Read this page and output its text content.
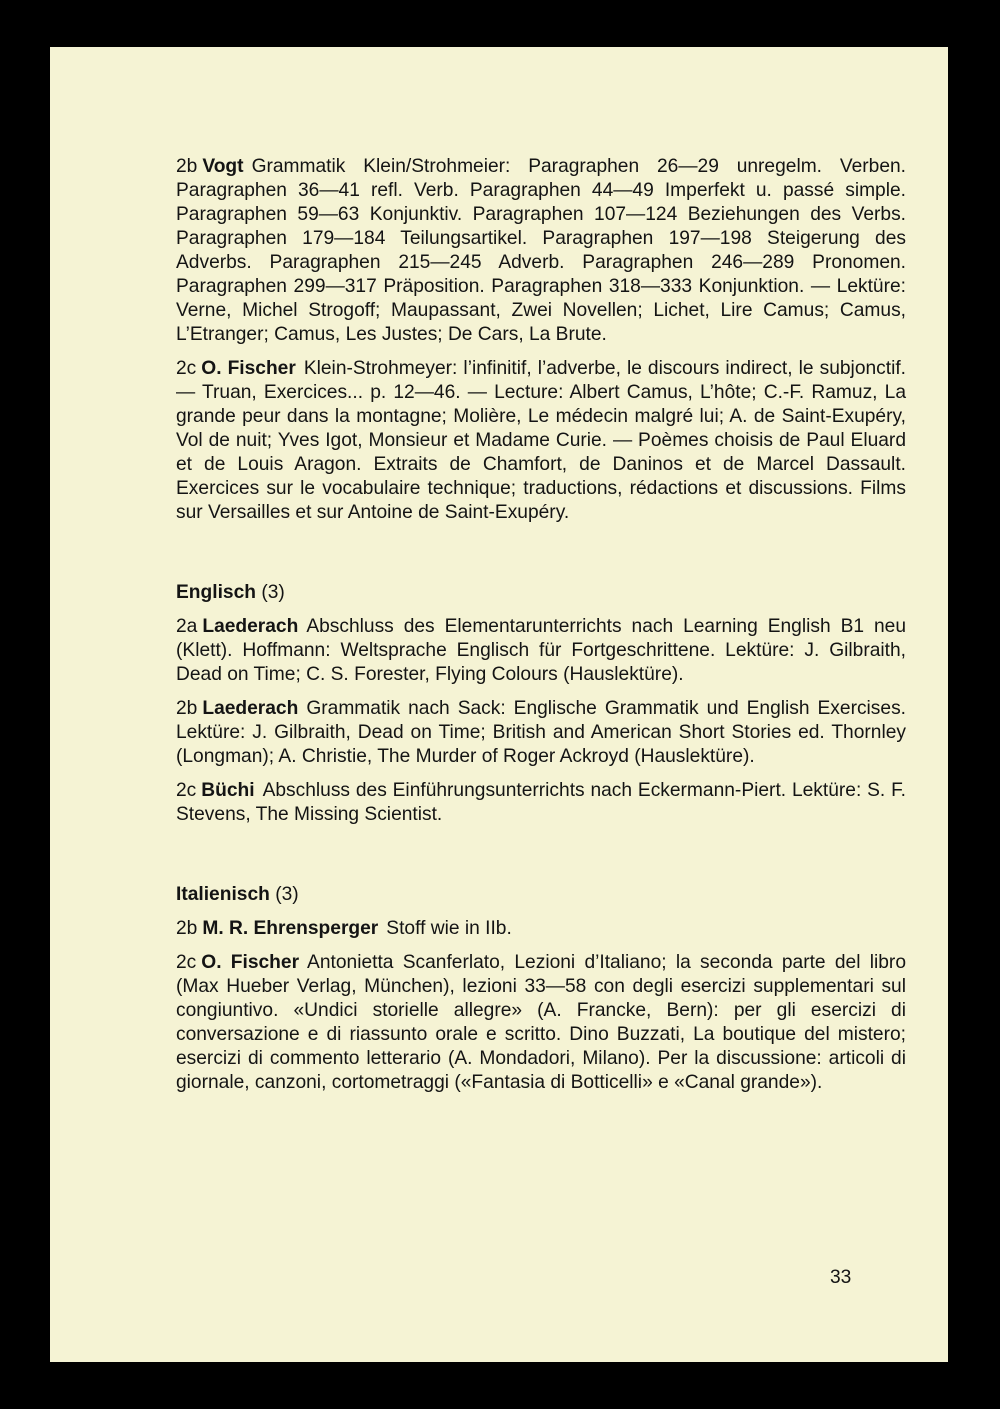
2b Vogt Grammatik Klein/Strohmeier: Paragraphen 26—29 unregelm. Verben. Paragraphen 36—41 refl. Verb. Paragraphen 44—49 Imperfekt u. passé simple. Paragraphen 59—63 Konjunktiv. Paragraphen 107—124 Beziehungen des Verbs. Paragraphen 179—184 Teilungsartikel. Paragraphen 197—198 Steigerung des Adverbs. Paragraphen 215—245 Adverb. Paragraphen 246—289 Pronomen. Paragraphen 299—317 Präposition. Paragraphen 318—333 Konjunktion. — Lektüre: Verne, Michel Strogoff; Maupassant, Zwei Novellen; Lichet, Lire Camus; Camus, L’Etranger; Camus, Les Justes; De Cars, La Brute.

2c O. Fischer Klein-Strohmeyer: l’infinitif, l’adverbe, le discours indirect, le subjonctif. — Truan, Exercices... p. 12—46. — Lecture: Albert Camus, L’hôte; C.-F. Ramuz, La grande peur dans la montagne; Molière, Le médecin malgré lui; A. de Saint-Exupéry, Vol de nuit; Yves Igot, Monsieur et Madame Curie. — Poèmes choisis de Paul Eluard et de Louis Aragon. Extraits de Chamfort, de Daninos et de Marcel Dassault. Exercices sur le vocabulaire technique; traductions, rédactions et discussions. Films sur Versailles et sur Antoine de Saint-Exupéry.

Englisch (3)

2a Laederach Abschluss des Elementarunterrichts nach Learning English B1 neu (Klett). Hoffmann: Weltsprache Englisch für Fortgeschrittene. Lektüre: J. Gilbraith, Dead on Time; C. S. Forester, Flying Colours (Hauslektüre).

2b Laederach Grammatik nach Sack: Englische Grammatik und English Exercises. Lektüre: J. Gilbraith, Dead on Time; British and American Short Stories ed. Thornley (Longman); A. Christie, The Murder of Roger Ackroyd (Hauslektüre).

2c Büchi Abschluss des Einführungsunterrichts nach Eckermann-Piert. Lektüre: S. F. Stevens, The Missing Scientist.

Italienisch (3)

2b M. R. Ehrensperger Stoff wie in IIb.

2c O. Fischer Antonietta Scanferlato, Lezioni d’Italiano; la seconda parte del libro (Max Hueber Verlag, München), lezioni 33—58 con degli esercizi supplementari sul congiuntivo. «Undici storielle allegre» (A. Francke, Bern): per gli esercizi di conversazione e di riassunto orale e scritto. Dino Buzzati, La boutique del mistero; esercizi di commento letterario (A. Mondadori, Milano). Per la discussione: articoli di giornale, canzoni, cortometraggi («Fantasia di Botticelli» e «Canal grande»).

33
